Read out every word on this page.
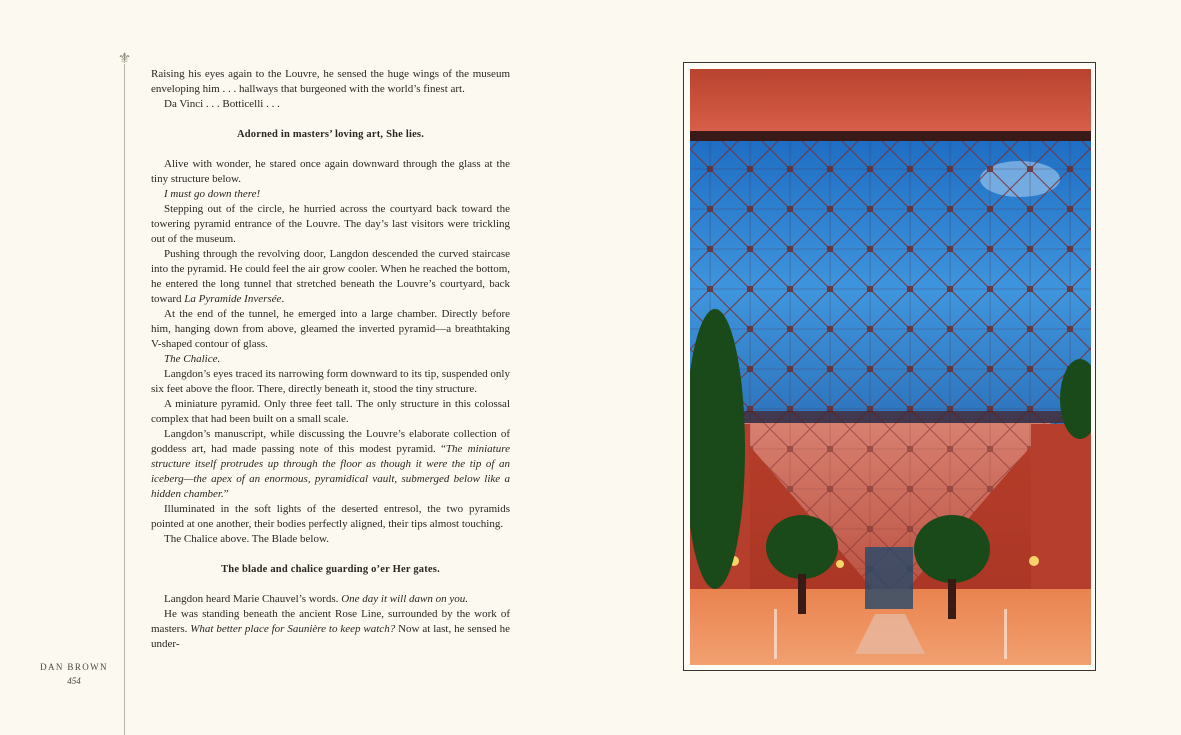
⚜
DAN BROWN
454

Raising his eyes again to the Louvre, he sensed the huge wings of the museum enveloping him . . . hallways that burgeoned with the world’s finest art.

Da Vinci . . . Botticelli . . .

Adorned in masters’ loving art, She lies.

Alive with wonder, he stared once again downward through the glass at the tiny structure below.

I must go down there!

Stepping out of the circle, he hurried across the courtyard back toward the towering pyramid entrance of the Louvre. The day’s last visitors were trickling out of the museum.

Pushing through the revolving door, Langdon descended the curved staircase into the pyramid. He could feel the air grow cooler. When he reached the bottom, he entered the long tunnel that stretched beneath the Louvre’s courtyard, back toward La Pyramide Inversée.

At the end of the tunnel, he emerged into a large chamber. Directly before him, hanging down from above, gleamed the inverted pyramid—a breathtaking V-shaped contour of glass.

The Chalice.

Langdon’s eyes traced its narrowing form downward to its tip, suspended only six feet above the floor. There, directly beneath it, stood the tiny structure.

A miniature pyramid. Only three feet tall. The only structure in this colossal complex that had been built on a small scale.

Langdon’s manuscript, while discussing the Louvre’s elaborate collection of goddess art, had made passing note of this modest pyramid. “The miniature structure itself protrudes up through the floor as though it were the tip of an iceberg—the apex of an enormous, pyramidical vault, submerged below like a hidden chamber.”

Illuminated in the soft lights of the deserted entresol, the two pyramids pointed at one another, their bodies perfectly aligned, their tips almost touching.

The Chalice above. The Blade below.

The blade and chalice guarding o’er Her gates.

Langdon heard Marie Chauvel’s words. One day it will dawn on you.

He was standing beneath the ancient Rose Line, surrounded by the work of masters. What better place for Saunière to keep watch? Now at last, he sensed he under-
